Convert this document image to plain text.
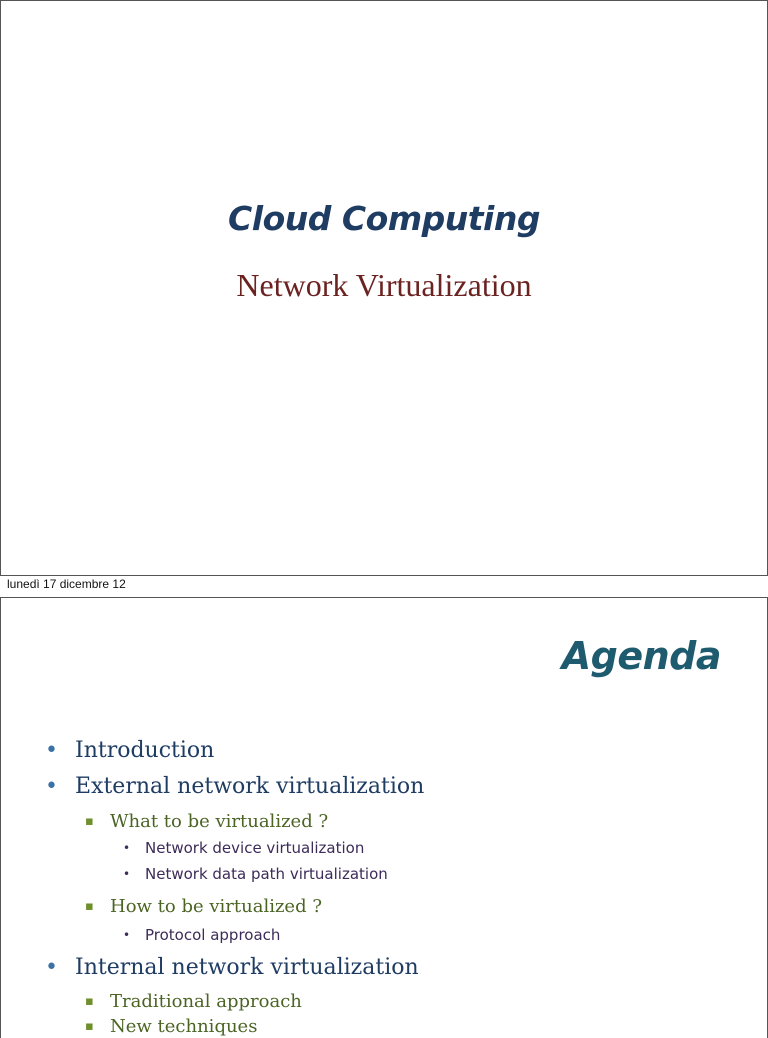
Cloud Computing
Network Virtualization
lunedì 17 dicembre 12
Agenda
• Introduction
• External network virtualization
▪ What to be virtualized ?
• Network device virtualization
• Network data path virtualization
▪ How to be virtualized ?
• Protocol approach
• Internal network virtualization
▪ Traditional approach
▪ New techniques
